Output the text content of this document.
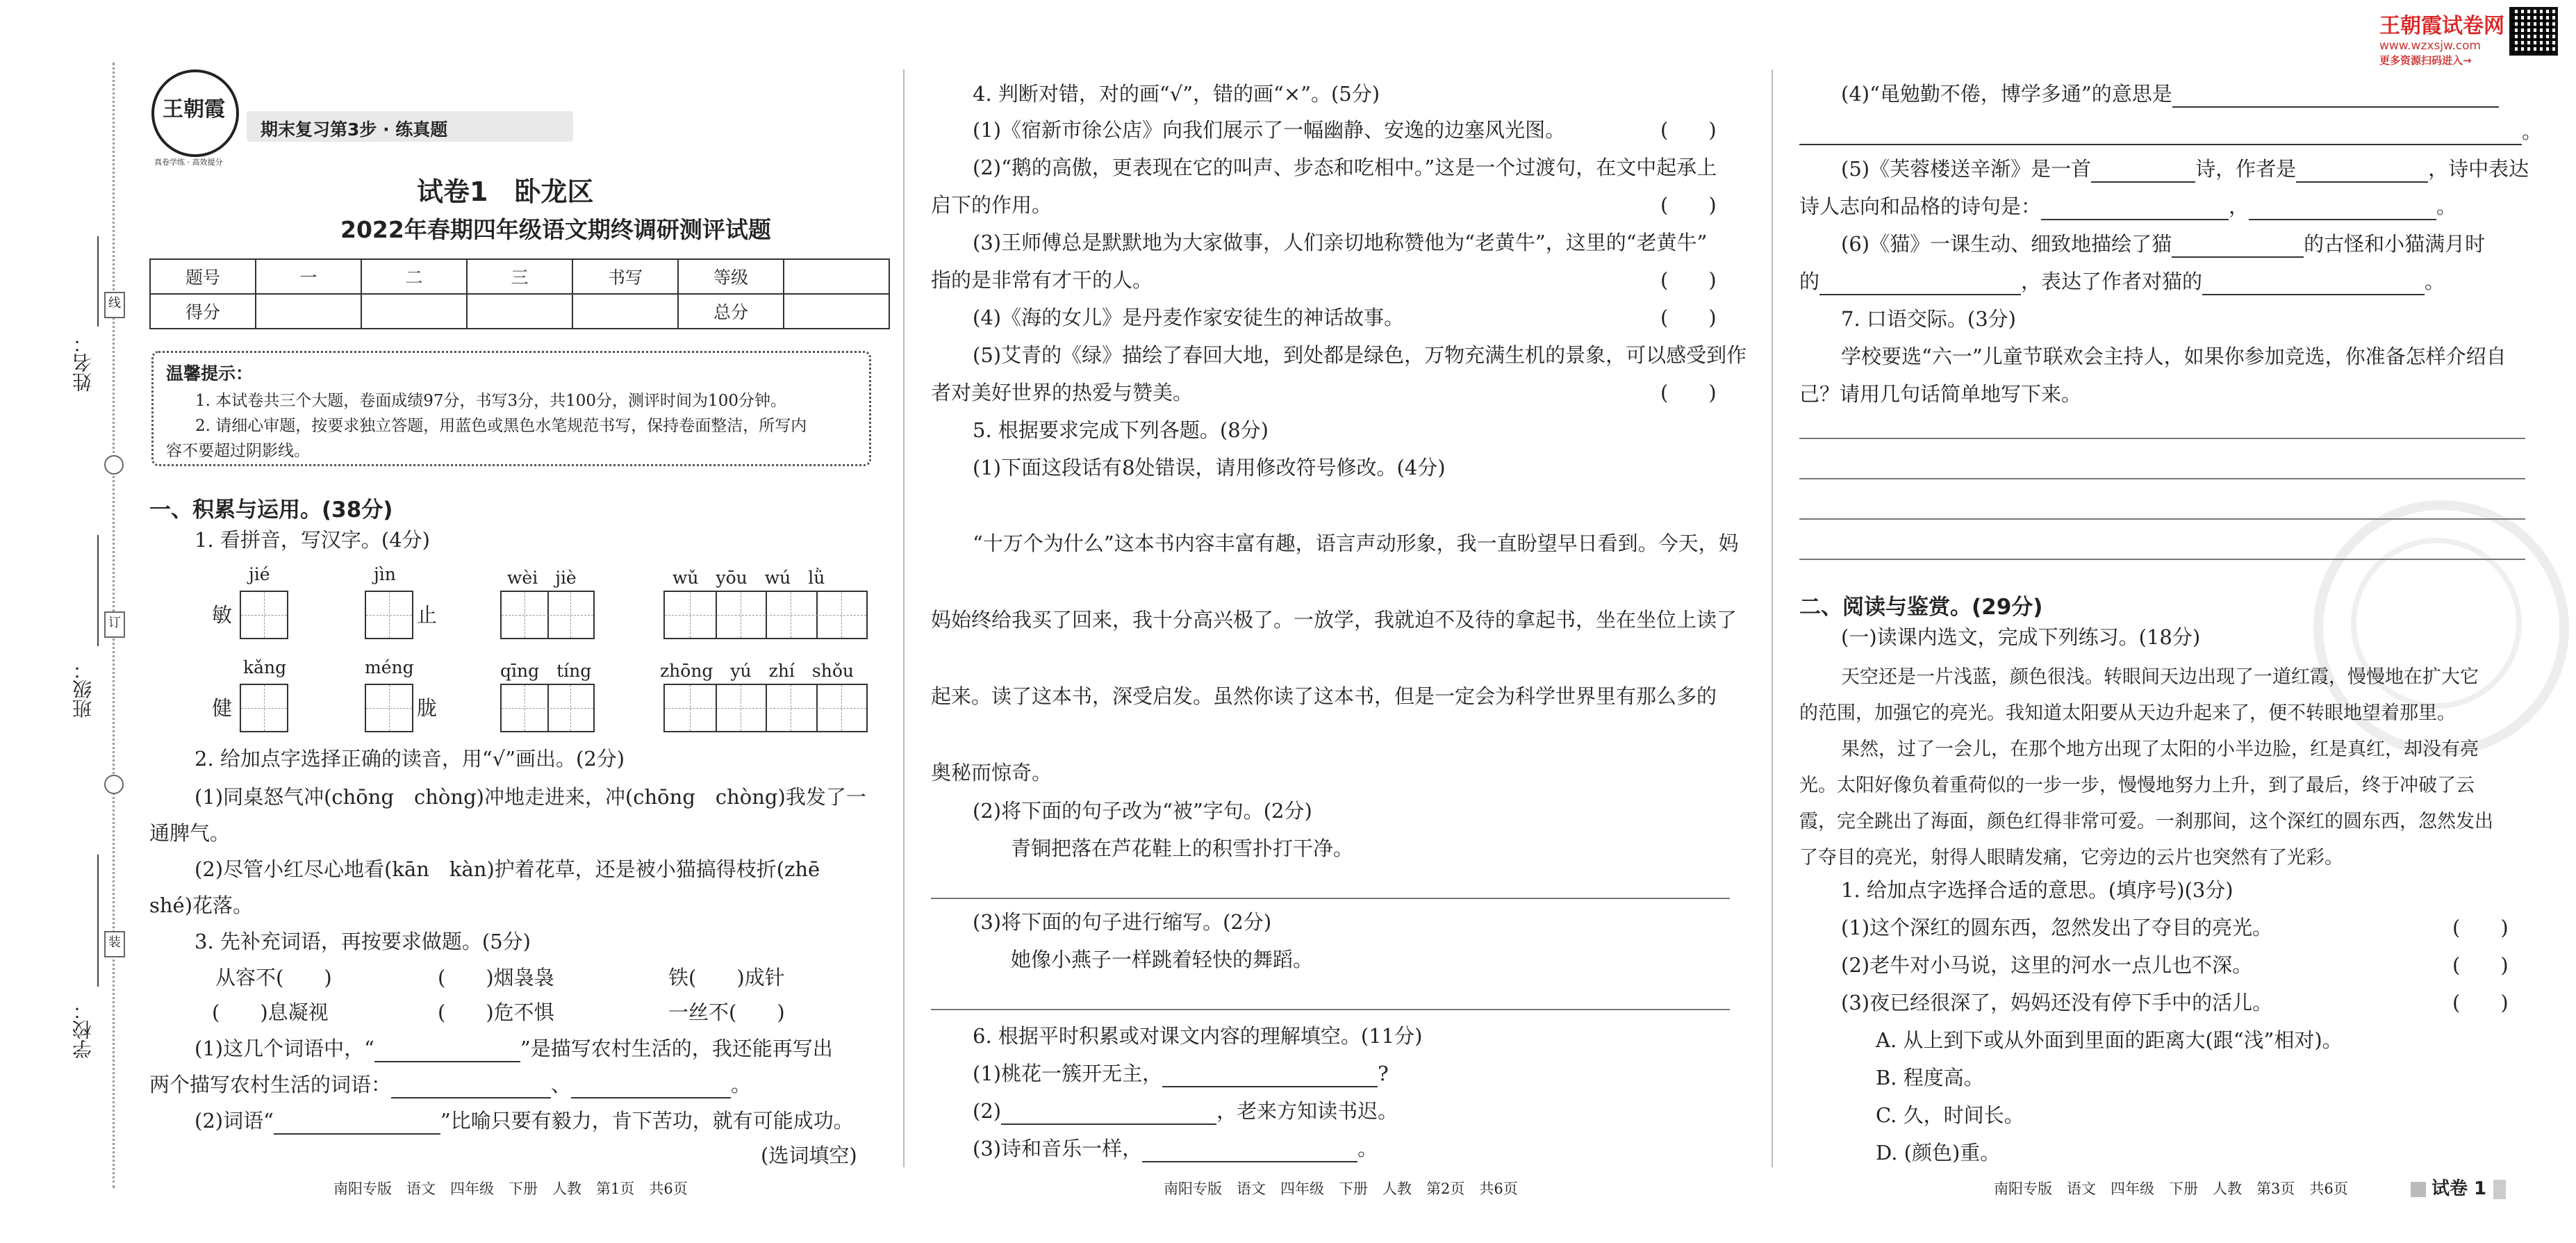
姓名：
班级：
学校：
线
订
装
王朝霞试卷网
www.wzxsjw.com
更多资源扫码进入→
王朝霞
真卷学练 · 高效提分
期末复习第3步 · 练真题
试卷1　卧龙区
2022年春期四年级语文期终调研测评试题
题号	一	二	三	书写	等级	
得分					总分	
温馨提示：
1. 本试卷共三个大题，卷面成绩97分，书写3分，共100分，测评时间为100分钟。
2. 请细心审题，按要求独立答题，用蓝色或黑色水笔规范书写，保持卷面整洁，所写内
容不要超过阴影线。
一、积累与运用。(38分)
1. 看拼音，写汉字。(4分)
jié	jìn	wèi　jiè	wǔ　yōu　wú　lǜ
敏	止
kǎng	méng	qīng　tíng	zhōng　yú　zhí　shǒu
健	胧
2. 给加点字选择正确的读音，用“√”画出。(2分)
(1)同桌怒气冲(chōng　chòng)冲地走进来，冲(chōng　chòng)我发了一
通脾气。
(2)尽管小红尽心地看(kān　kàn)护着花草，还是被小猫搞得枝折(zhē
shé)花落。
3. 先补充词语，再按要求做题。(5分)
从容不(　　)	(　　)烟袅袅	铁(　　)成针
(　　)息凝视	(　　)危不惧	一丝不(　　)
(1)这几个词语中，“	”是描写农村生活的，我还能再写出
两个描写农村生活的词语：	、	。
(2)词语“	”比喻只要有毅力，肯下苦功，就有可能成功。
(选词填空)
南阳专版　语文　四年级　下册　人教　第1页　共6页
4. 判断对错，对的画“√”，错的画“×”。(5分)
(1)《宿新市徐公店》向我们展示了一幅幽静、安逸的边塞风光图。	(　　)
(2)“鹅的高傲，更表现在它的叫声、步态和吃相中。”这是一个过渡句，在文中起承上
启下的作用。	(　　)
(3)王师傅总是默默地为大家做事，人们亲切地称赞他为“老黄牛”，这里的“老黄牛”
指的是非常有才干的人。	(　　)
(4)《海的女儿》是丹麦作家安徒生的神话故事。	(　　)
(5)艾青的《绿》描绘了春回大地，到处都是绿色，万物充满生机的景象，可以感受到作
者对美好世界的热爱与赞美。	(　　)
5. 根据要求完成下列各题。(8分)
(1)下面这段话有8处错误，请用修改符号修改。(4分)
“十万个为什么”这本书内容丰富有趣，语言声动形象，我一直盼望早日看到。今天，妈
妈始终给我买了回来，我十分高兴极了。一放学，我就迫不及待的拿起书，坐在坐位上读了
起来。读了这本书，深受启发。虽然你读了这本书，但是一定会为科学世界里有那么多的
奥秘而惊奇。
(2)将下面的句子改为“被”字句。(2分)
青铜把落在芦花鞋上的积雪扑打干净。
(3)将下面的句子进行缩写。(2分)
她像小燕子一样跳着轻快的舞蹈。
6. 根据平时积累或对课文内容的理解填空。(11分)
(1)桃花一簇开无主，	?
(2)	，老来方知读书迟。
(3)诗和音乐一样，	。
南阳专版　语文　四年级　下册　人教　第2页　共6页
(4)“黾勉勤不倦，博学多通”的意思是
。
(5)《芙蓉楼送辛渐》是一首	诗，作者是	，诗中表达
诗人志向和品格的诗句是：	，	。
(6)《猫》一课生动、细致地描绘了猫	的古怪和小猫满月时
的	，表达了作者对猫的	。
7. 口语交际。(3分)
学校要选“六一”儿童节联欢会主持人，如果你参加竞选，你准备怎样介绍自
己？请用几句话简单地写下来。
二、阅读与鉴赏。(29分)
(一)读课内选文，完成下列练习。(18分)
天空还是一片浅蓝，颜色很浅。转眼间天边出现了一道红霞，慢慢地在扩大它
的范围，加强它的亮光。我知道太阳要从天边升起来了，便不转眼地望着那里。
果然，过了一会儿，在那个地方出现了太阳的小半边脸，红是真红，却没有亮
光。太阳好像负着重荷似的一步一步，慢慢地努力上升，到了最后，终于冲破了云
霞，完全跳出了海面，颜色红得非常可爱。一刹那间，这个深红的圆东西，忽然发出
了夺目的亮光，射得人眼睛发痛，它旁边的云片也突然有了光彩。
1. 给加点字选择合适的意思。(填序号)(3分)
(1)这个深红的圆东西，忽然发出了夺目的亮光。	(　　)
(2)老牛对小马说，这里的河水一点儿也不深。	(　　)
(3)夜已经很深了，妈妈还没有停下手中的活儿。	(　　)
A. 从上到下或从外面到里面的距离大(跟“浅”相对)。
B. 程度高。
C. 久，时间长。
D. (颜色)重。
南阳专版　语文　四年级　下册　人教　第3页　共6页	试卷 1
